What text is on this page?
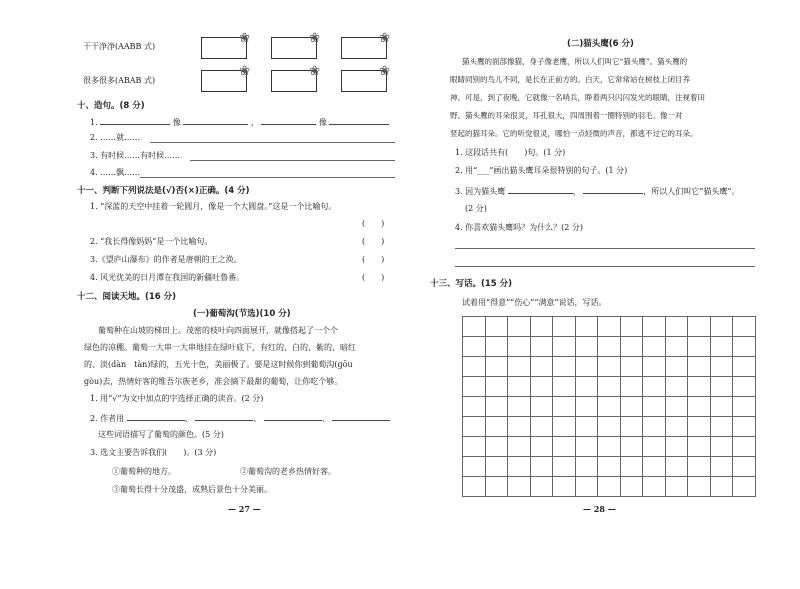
干干净净(AABB 式)
❀	❀	❀
很多很多(ABAB 式)
❀	❀	❀
十、造句。(8 分)
1.	像	，	像
2. ……就……
3. 有时候……有时候……
4. ……飘……
十一、判断下列说法是(√)否(×)正确。(4 分)
1. “深蓝的天空中挂着一轮圆月，像是一个大圆盘。”这是一个比喻句。
(　　)
2. “我长得像妈妈”是一个比喻句。	(　　)
3.《望庐山瀑布》的作者是唐朝的王之涣。	(　　)
4. 风光优美的日月潭在我国的新疆吐鲁番。	(　　)
十二、阅读天地。(16 分)
(一)葡萄沟(节选)(10 分)
葡萄种在山坡的梯田上。茂密的枝叶向四面展开，就像搭起了一个个
绿色的凉棚。葡萄一大串一大串地挂在绿叶底下，有红的、白的、紫的、暗红
的、淡(dàn　tàn)绿的，五光十色，美丽极了。要是这时候你到葡萄沟(gōu
gòu)去，热情好客的维吾尔族老乡，准会摘下最甜的葡萄，让你吃个够。
1. 用“√”为文中加点的字选择正确的读音。(2 分)
2. 作者用	、	、	、
这些词语描写了葡萄的颜色。(5 分)
3. 选文主要告诉我们(　　)。(3 分)
①葡萄种的地方。	②葡萄沟的老乡热情好客。
③葡萄长得十分茂盛，成熟后景色十分美丽。
— 27 —
(二)猫头鹰(6 分)
猫头鹰的面部像猫，身子像老鹰，所以人们叫它“猫头鹰”。猫头鹰的
眼睛同别的鸟儿不同，是长在正前方的。白天，它常常站在树枝上闭目养
神。可是，到了夜晚，它就像一名哨兵，睁着两只闪闪发光的眼睛，注视着田
野。猫头鹰的耳朵很灵，耳孔很大，四周围着一圈特别的羽毛。像一对
竖起的猫耳朵。它的听觉很灵，哪怕一点轻微的声音，都逃不过它的耳朵。
1. 这段话共有(　　)句。(1 分)
2. 用“___”画出猫头鹰耳朵很特别的句子。(1 分)
3. 因为猫头鹰	，	，所以人们叫它“猫头鹰”。
(2 分)
4. 你喜欢猫头鹰吗？为什么？(2 分)
十三、写话。(15 分)
试着用“得意”“伤心”“满意”说话，写话。
— 28 —
